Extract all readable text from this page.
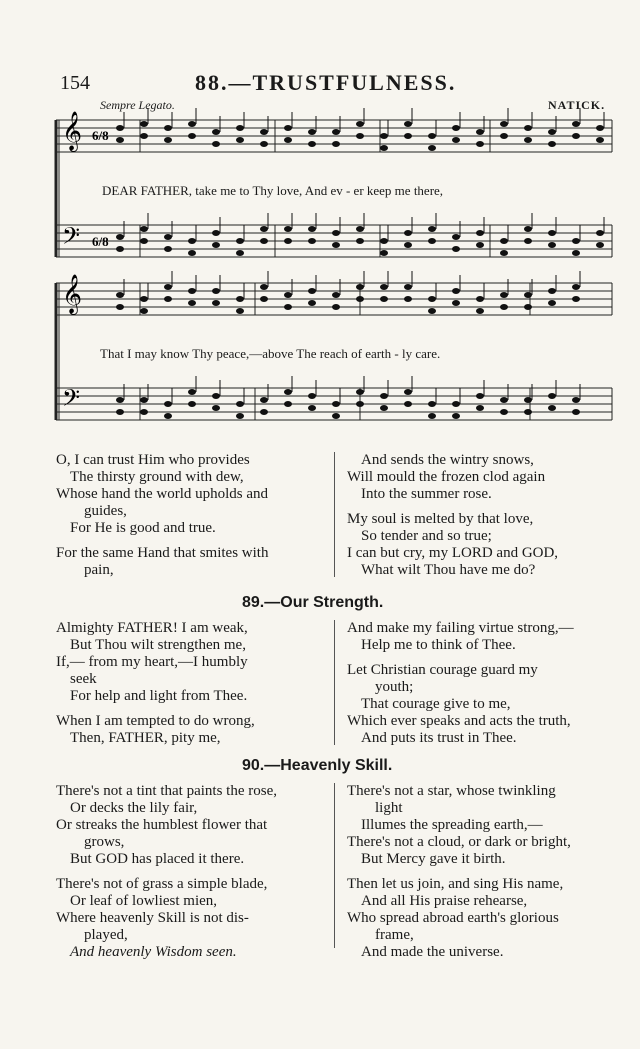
154	88.—TRUSTFULNESS.
Sempre Legato.	NATICK.
𝄞
𝄢
𝄞
𝄢
6/8
6/8
DEAR FATHER, take me to Thy love, And ev - er keep me there,
That I may know Thy peace,—above The reach of earth - ly care.
O, I can trust Him who provides
The thirsty ground with dew,
Whose hand the world upholds and
guides,
For He is good and true.
For the same Hand that smites with
pain,
And sends the wintry snows,
Will mould the frozen clod again
Into the summer rose.
My soul is melted by that love,
So tender and so true;
I can but cry, my LORD and GOD,
What wilt Thou have me do?
89.—Our Strength.
Almighty FATHER! I am weak,
But Thou wilt strengthen me,
If,— from my heart,—I humbly
seek
For help and light from Thee.
When I am tempted to do wrong,
Then, FATHER, pity me,
And make my failing virtue strong,—
Help me to think of Thee.
Let Christian courage guard my
youth;
That courage give to me,
Which ever speaks and acts the truth,
And puts its trust in Thee.
90.—Heavenly Skill.
There's not a tint that paints the rose,
Or decks the lily fair,
Or streaks the humblest flower that
grows,
But GOD has placed it there.
There's not of grass a simple blade,
Or leaf of lowliest mien,
Where heavenly Skill is not dis-
played,
And heavenly Wisdom seen.
There's not a star, whose twinkling
light
Illumes the spreading earth,—
There's not a cloud, or dark or bright,
But Mercy gave it birth.
Then let us join, and sing His name,
And all His praise rehearse,
Who spread abroad earth's glorious
frame,
And made the universe.
